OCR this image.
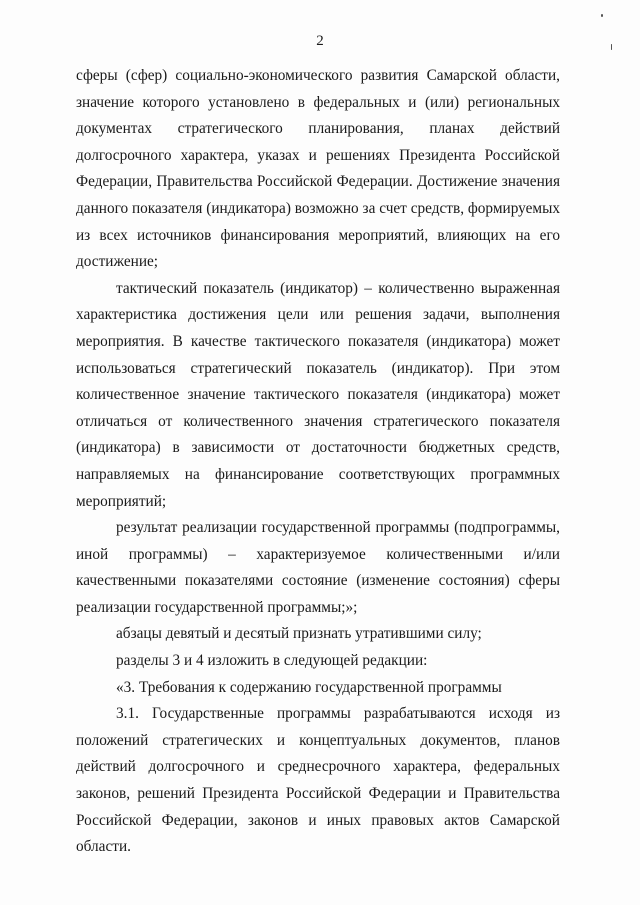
2

сферы (сфер) социально-экономического развития Самарской области, значение которого установлено в федеральных и (или) региональных документах стратегического планирования, планах действий долгосрочного характера, указах и решениях Президента Российской Федерации, Правительства Российской Федерации. Достижение значения данного показателя (индикатора) возможно за счет средств, формируемых из всех источников финансирования мероприятий, влияющих на его достижение;

тактический показатель (индикатор) – количественно выраженная характеристика достижения цели или решения задачи, выполнения мероприятия. В качестве тактического показателя (индикатора) может использоваться стратегический показатель (индикатор). При этом количественное значение тактического показателя (индикатора) может отличаться от количественного значения стратегического показателя (индикатора) в зависимости от достаточности бюджетных средств, направляемых на финансирование соответствующих программных мероприятий;

результат реализации государственной программы (подпрограммы, иной программы) – характеризуемое количественными и/или качественными показателями состояние (изменение состояния) сферы реализации государственной программы;»;

абзацы девятый и десятый признать утратившими силу;

разделы 3 и 4 изложить в следующей редакции:

«3. Требования к содержанию государственной программы

3.1. Государственные программы разрабатываются исходя из положений стратегических и концептуальных документов, планов действий долгосрочного и среднесрочного характера, федеральных законов, решений Президента Российской Федерации и Правительства Российской Федерации, законов и иных правовых актов Самарской области.
